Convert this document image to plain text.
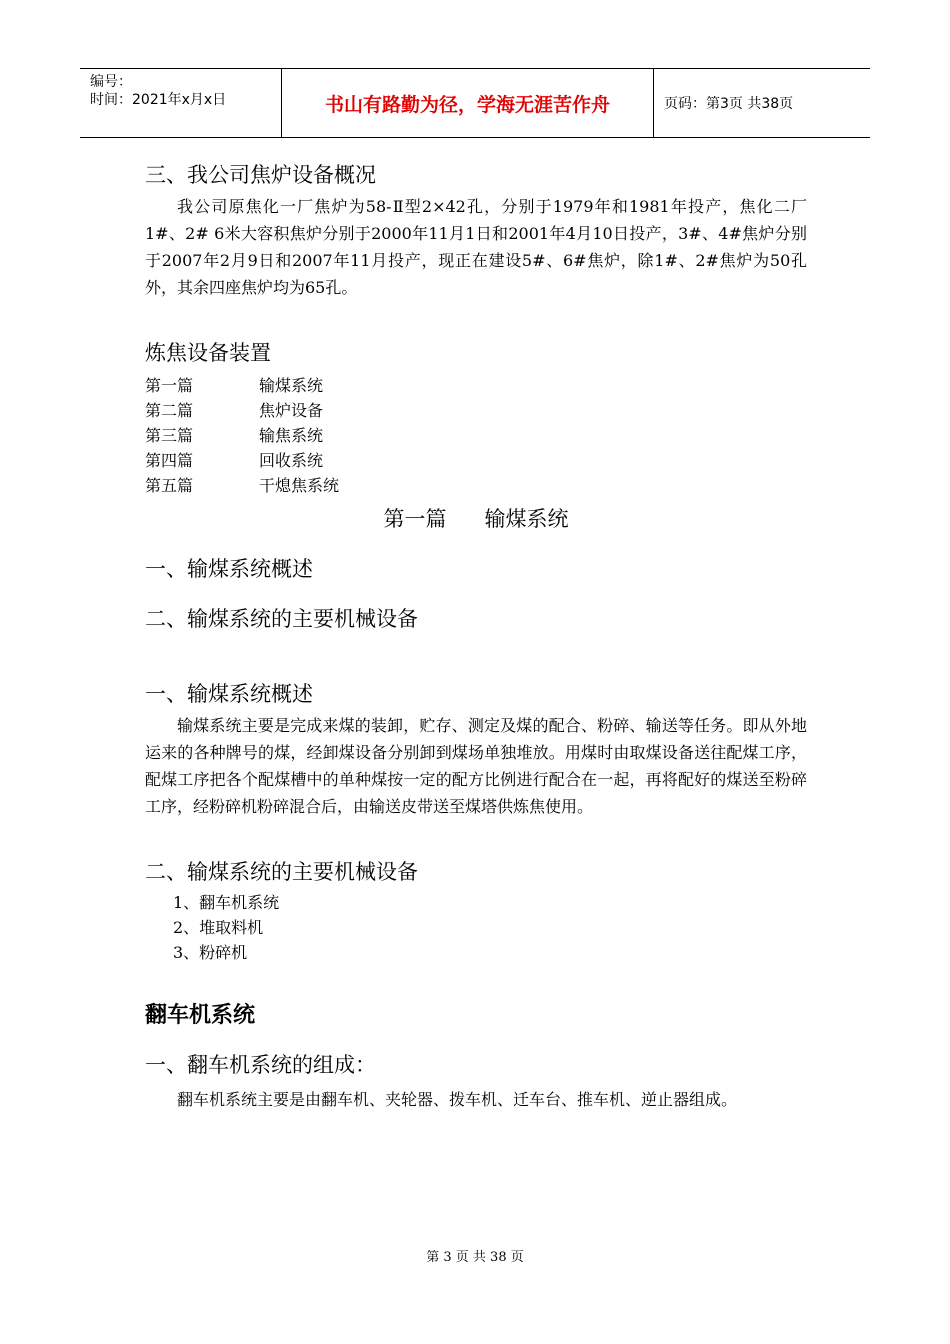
编号：
时间：2021年x月x日	书山有路勤为径，学海无涯苦作舟	页码：第3页 共38页

三、我公司焦炉设备概况

我公司原焦化一厂焦炉为58-Ⅱ型2×42孔，分别于1979年和1981年投产，焦化二厂1#、2# 6米大容积焦炉分别于2000年11月1日和2001年4月10日投产，3#、4#焦炉分别于2007年2月9日和2007年11月投产，现正在建设5#、6#焦炉，除1#、2#焦炉为50孔外，其余四座焦炉均为65孔。

炼焦设备装置

第一篇	输煤系统
第二篇	焦炉设备
第三篇	输焦系统
第四篇	回收系统
第五篇	干熄焦系统

第一篇 输煤系统

一、输煤系统概述

二、输煤系统的主要机械设备

一、输煤系统概述

输煤系统主要是完成来煤的装卸，贮存、测定及煤的配合、粉碎、输送等任务。即从外地运来的各种牌号的煤，经卸煤设备分别卸到煤场单独堆放。用煤时由取煤设备送往配煤工序，配煤工序把各个配煤槽中的单种煤按一定的配方比例进行配合在一起，再将配好的煤送至粉碎工序，经粉碎机粉碎混合后，由输送皮带送至煤塔供炼焦使用。

二、输煤系统的主要机械设备

1、翻车机系统
2、堆取料机
3、粉碎机

翻车机系统

一、翻车机系统的组成：

翻车机系统主要是由翻车机、夹轮器、拨车机、迁车台、推车机、逆止器组成。

第 3 页 共 38 页
